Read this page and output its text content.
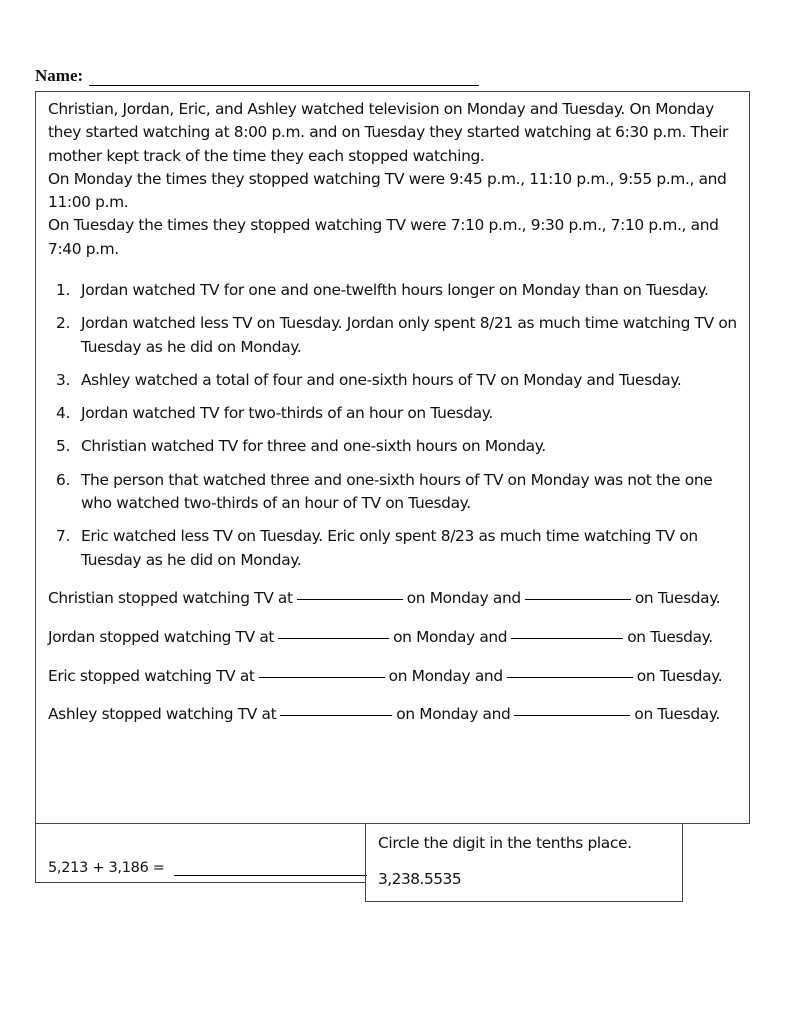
Name:

Christian, Jordan, Eric, and Ashley watched television on Monday and Tuesday. On Monday they started watching at 8:00 p.m. and on Tuesday they started watching at 6:30 p.m. Their mother kept track of the time they each stopped watching.

On Monday the times they stopped watching TV were 9:45 p.m., 11:10 p.m., 9:55 p.m., and 11:00 p.m.

On Tuesday the times they stopped watching TV were 7:10 p.m., 9:30 p.m., 7:10 p.m., and 7:40 p.m.

1. Jordan watched TV for one and one-twelfth hours longer on Monday than on Tuesday.
2. Jordan watched less TV on Tuesday. Jordan only spent 8/21 as much time watching TV on Tuesday as he did on Monday.
3. Ashley watched a total of four and one-sixth hours of TV on Monday and Tuesday.
4. Jordan watched TV for two-thirds of an hour on Tuesday.
5. Christian watched TV for three and one-sixth hours on Monday.
6. The person that watched three and one-sixth hours of TV on Monday was not the one who watched two-thirds of an hour of TV on Tuesday.
7. Eric watched less TV on Tuesday. Eric only spent 8/23 as much time watching TV on Tuesday as he did on Monday.
Christian stopped watching TV at	on Monday and	on Tuesday.
Jordan stopped watching TV at	on Monday and	on Tuesday.
Eric stopped watching TV at	on Monday and	on Tuesday.
Ashley stopped watching TV at	on Monday and	on Tuesday.
5,213 + 3,186 =
Circle the digit in the tenths place.
3,238.5535
